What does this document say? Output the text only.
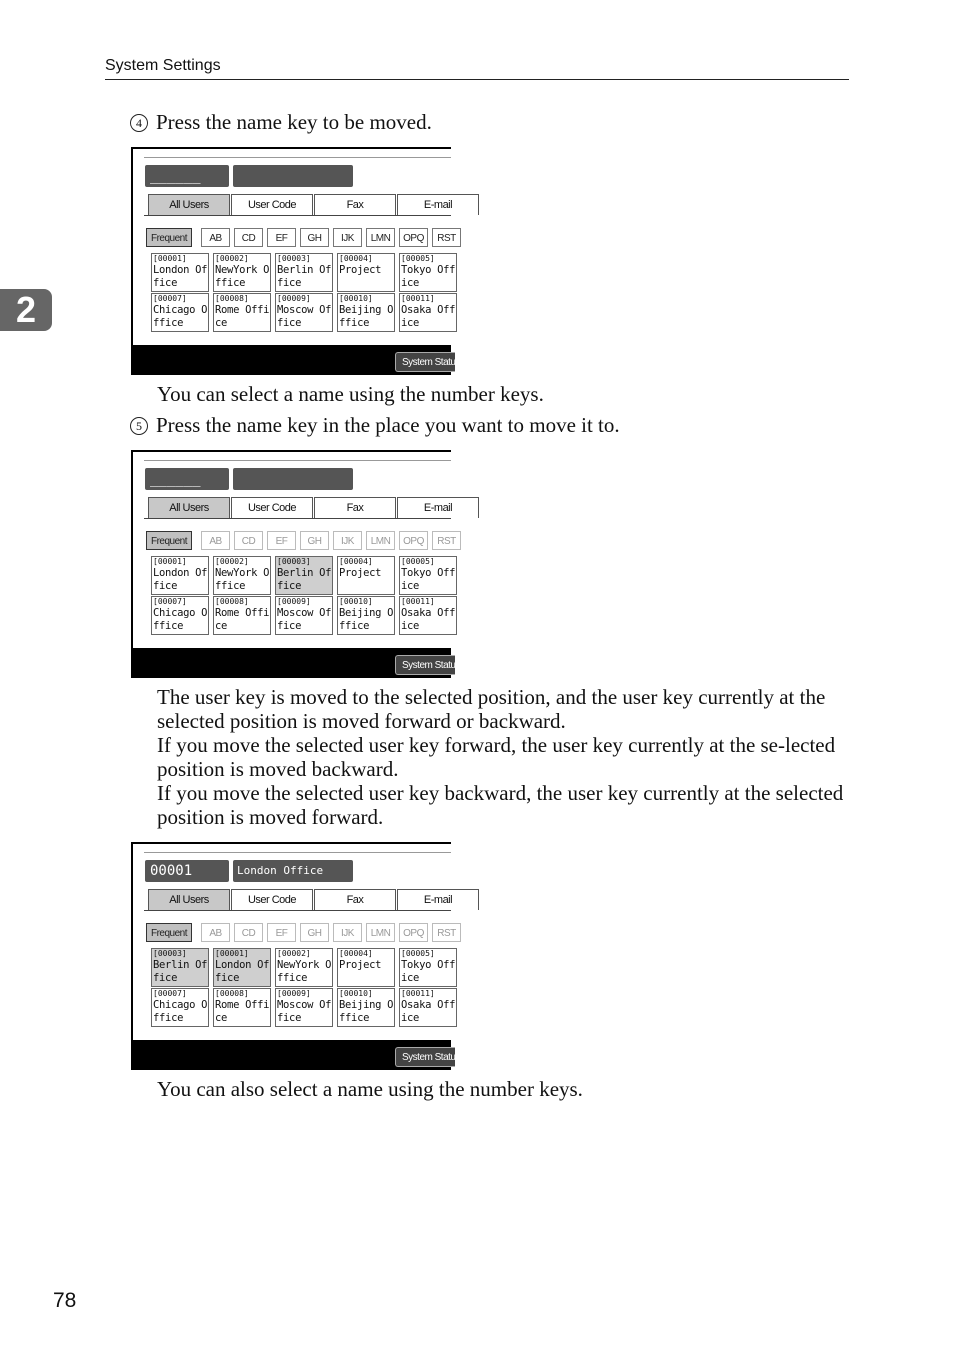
System Settings
2
4 Press the name key to be moved.
______
All Users	User Code	Fax	E-mail
Frequent	AB	CD	EF	GH	IJK	LMN	OPQ	RST
[00001]
London Office
[00002]
NewYork Office
[00003]
Berlin Office
[00004]
Project
[00005]
Tokyo Office
[00007]
Chicago Office
[00008]
Rome Office
[00009]
Moscow Office
[00010]
Beijing Office
[00011]
Osaka Office
System Status
You can select a name using the number keys.
5 Press the name key in the place you want to move it to.
______
All Users	User Code	Fax	E-mail
Frequent	AB	CD	EF	GH	IJK	LMN	OPQ	RST
[00001]
London Office
[00002]
NewYork Office
[00003]
Berlin Office
[00004]
Project
[00005]
Tokyo Office
[00007]
Chicago Office
[00008]
Rome Office
[00009]
Moscow Office
[00010]
Beijing Office
[00011]
Osaka Office
System Status
The user key is moved to the selected position, and the user key currently at the selected position is moved forward or backward.
If you move the selected user key forward, the user key currently at the se-lected position is moved backward.
If you move the selected user key backward, the user key currently at the selected position is moved forward.
00001	London Office
All Users	User Code	Fax	E-mail
Frequent	AB	CD	EF	GH	IJK	LMN	OPQ	RST
[00003]
Berlin Office
[00001]
London Office
[00002]
NewYork Office
[00004]
Project
[00005]
Tokyo Office
[00007]
Chicago Office
[00008]
Rome Office
[00009]
Moscow Office
[00010]
Beijing Office
[00011]
Osaka Office
System Status
You can also select a name using the number keys.
78
